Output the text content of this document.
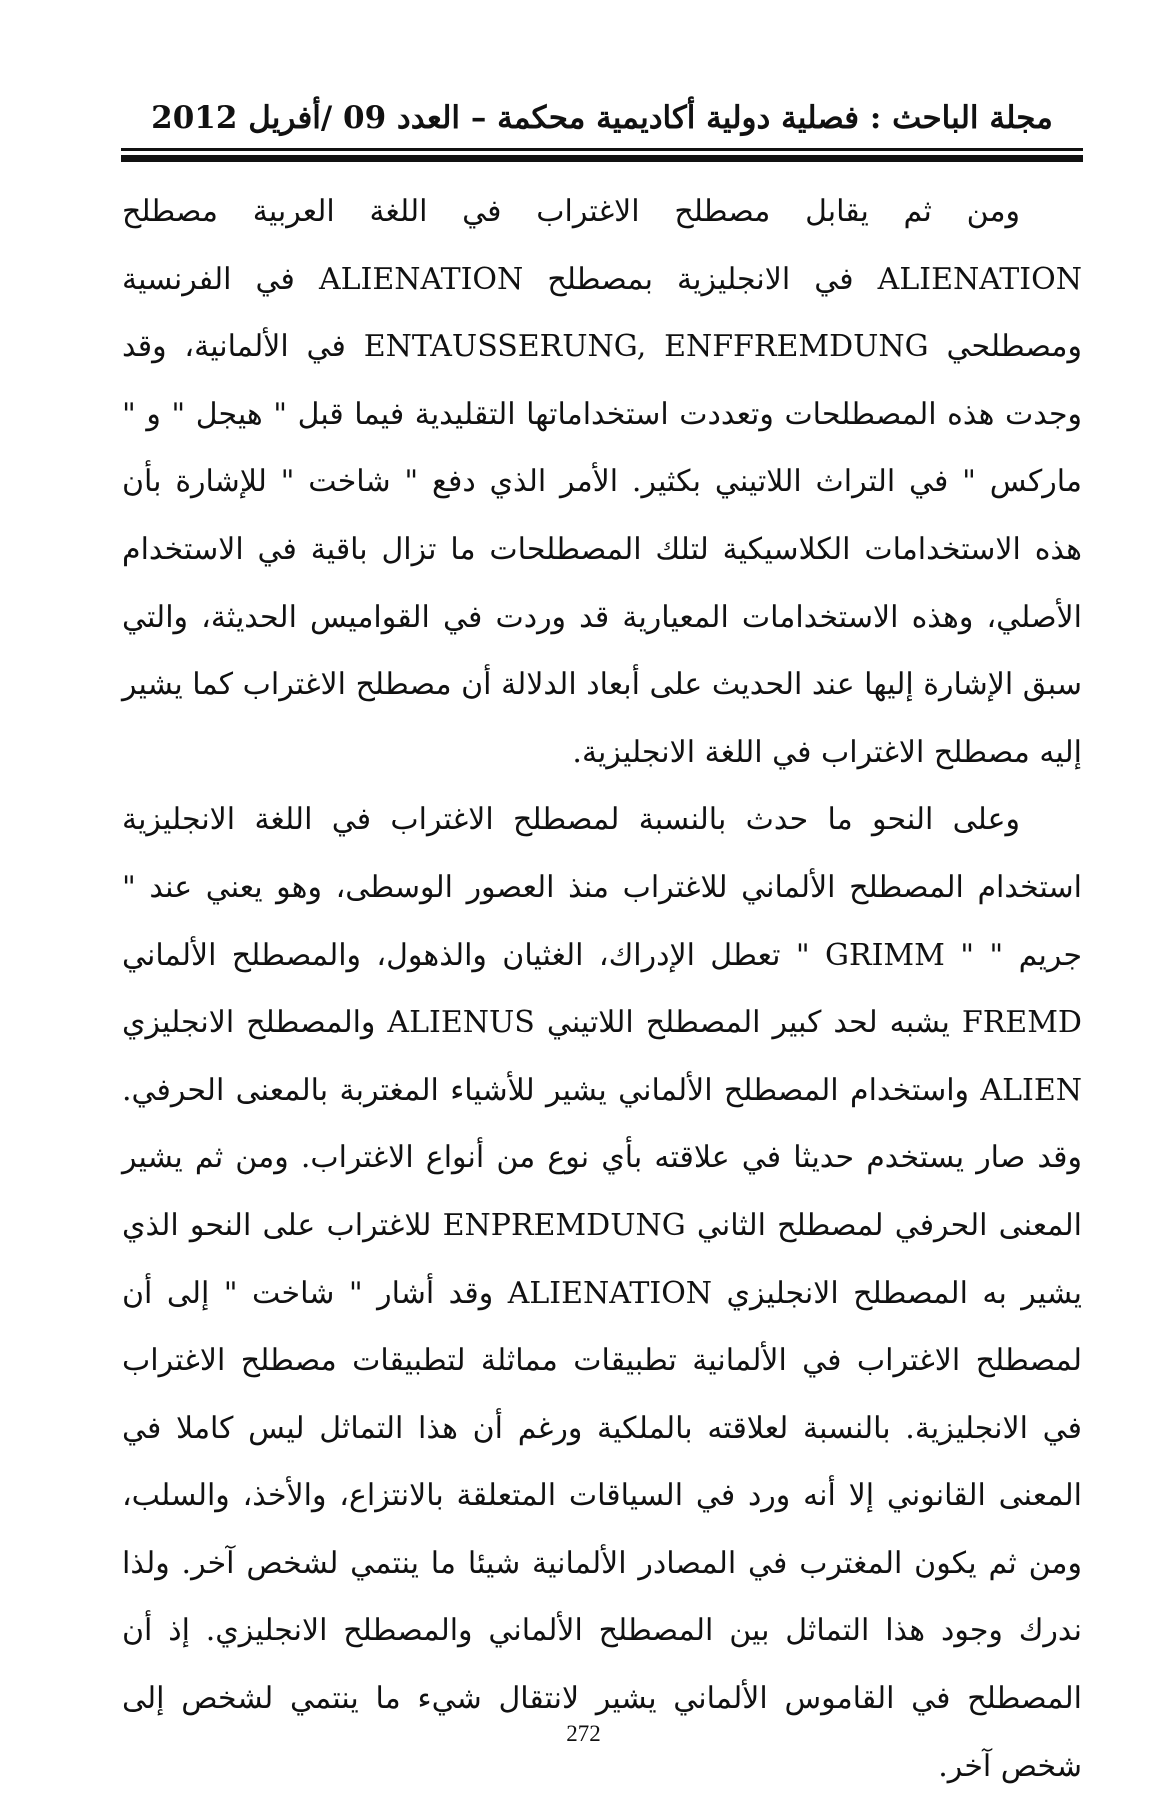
مجلة الباحث : فصلية دولية أكاديمية محكمة – العدد 09 /أفريل 2012

ومن ثم يقابل مصطلح الاغتراب في اللغة العربية مصطلح ALIENATION في الانجليزية بمصطلح ALIENATION في الفرنسية ومصطلحي ENTAUSSERUNG, ENFFREMDUNG في الألمانية، وقد وجدت هذه المصطلحات وتعددت استخداماتها التقليدية فيما قبل " هيجل " و " ماركس " في التراث اللاتيني بكثير. الأمر الذي دفع " شاخت " للإشارة بأن هذه الاستخدامات الكلاسيكية لتلك المصطلحات ما تزال باقية في الاستخدام الأصلي، وهذه الاستخدامات المعيارية قد وردت في القواميس الحديثة، والتي سبق الإشارة إليها عند الحديث على أبعاد الدلالة أن مصطلح الاغتراب كما يشير إليه مصطلح الاغتراب في اللغة الانجليزية.

وعلى النحو ما حدث بالنسبة لمصطلح الاغتراب في اللغة الانجليزية استخدام المصطلح الألماني للاغتراب منذ العصور الوسطى، وهو يعني عند " جريم " " GRIMM " تعطل الإدراك، الغثيان والذهول، والمصطلح الألماني FREMD يشبه لحد كبير المصطلح اللاتيني ALIENUS والمصطلح الانجليزي ALIEN واستخدام المصطلح الألماني يشير للأشياء المغتربة بالمعنى الحرفي. وقد صار يستخدم حديثا في علاقته بأي نوع من أنواع الاغتراب. ومن ثم يشير المعنى الحرفي لمصطلح الثاني ENPREMDUNG للاغتراب على النحو الذي يشير به المصطلح الانجليزي ALIENATION وقد أشار " شاخت " إلى أن لمصطلح الاغتراب في الألمانية تطبيقات مماثلة لتطبيقات مصطلح الاغتراب في الانجليزية. بالنسبة لعلاقته بالملكية ورغم أن هذا التماثل ليس كاملا في المعنى القانوني إلا أنه ورد في السياقات المتعلقة بالانتزاع، والأخذ، والسلب، ومن ثم يكون المغترب في المصادر الألمانية شيئا ما ينتمي لشخص آخر. ولذا ندرك وجود هذا التماثل بين المصطلح الألماني والمصطلح الانجليزي. إذ أن المصطلح في القاموس الألماني يشير لانتقال شيء ما ينتمي لشخص إلى شخص آخر.

272
